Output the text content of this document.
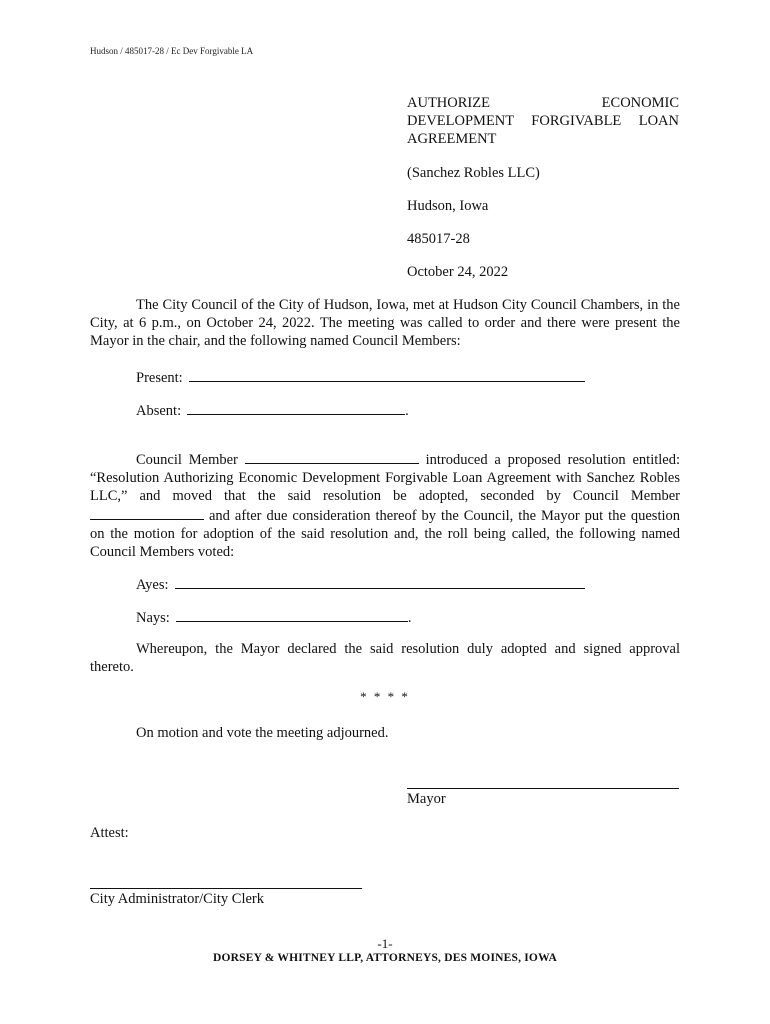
Hudson / 485017-28 / Ec Dev Forgivable LA

AUTHORIZE ECONOMIC DEVELOPMENT FORGIVABLE LOAN AGREEMENT

(Sanchez Robles LLC)

Hudson, Iowa

485017-28

October 24, 2022

The City Council of the City of Hudson, Iowa, met at Hudson City Council Chambers, in the City, at 6 p.m., on October 24, 2022. The meeting was called to order and there were present the Mayor in the chair, and the following named Council Members:

Present:
Absent:	.

Council Member	introduced a proposed resolution entitled: “Resolution Authorizing Economic Development Forgivable Loan Agreement with Sanchez Robles LLC,” and moved that the said resolution be adopted, seconded by Council Member  and after due consideration thereof by the Council, the Mayor put the question on the motion for adoption of the said resolution and, the roll being called, the following named Council Members voted:

Ayes:
Nays:	.

Whereupon, the Mayor declared the said resolution duly adopted and signed approval thereto.

* * * *
On motion and vote the meeting adjourned.
Mayor
Attest:
City Administrator/City Clerk
-1-
DORSEY & WHITNEY LLP, ATTORNEYS, DES MOINES, IOWA
